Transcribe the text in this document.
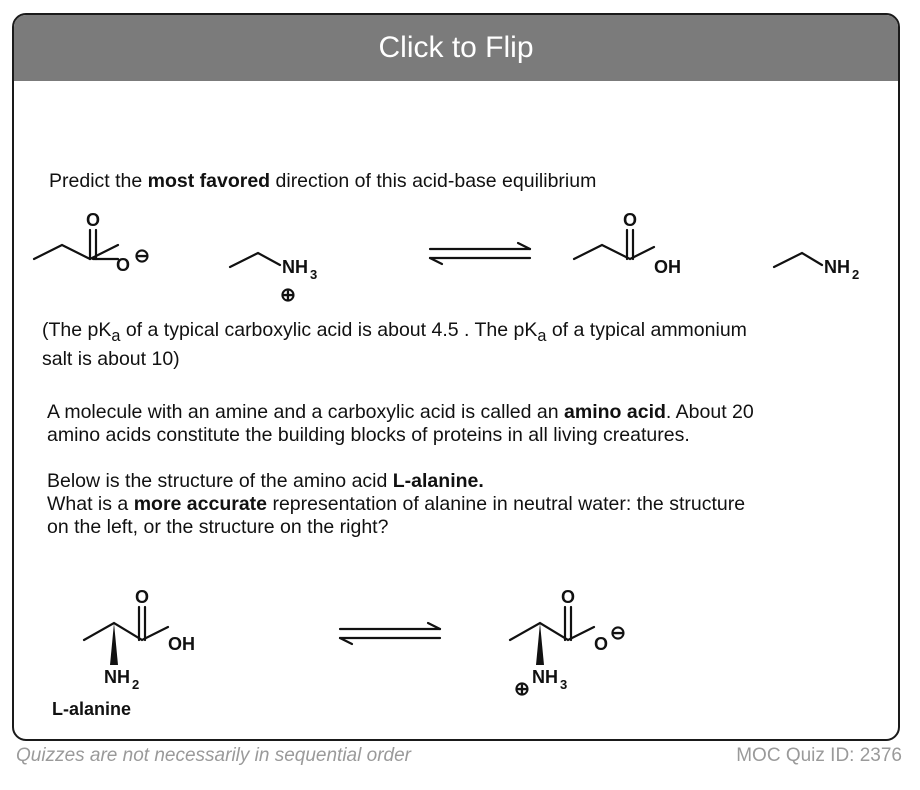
Click to Flip
Predict the most favored direction of this acid-base equilibrium
O
O ⊖	NH 3
⊕
O
OH	NH 2
O
OH
NH 2
O
O ⊖
NH 3
⊕
L-alanine
(The $pK_a$ of a typical carboxylic acid is about 4.5 . The $pK_a$ of a typical ammonium
salt is about 10)
A molecule with an amine and a carboxylic acid is called an amino acid. About 20
amino acids constitute the building blocks of proteins in all living creatures.
Below is the structure of the amino acid L-alanine.
What is a more accurate representation of alanine in neutral water: the structure
on the left, or the structure on the right?
Quizzes are not necessarily in sequential order	MOC Quiz ID: 2376
